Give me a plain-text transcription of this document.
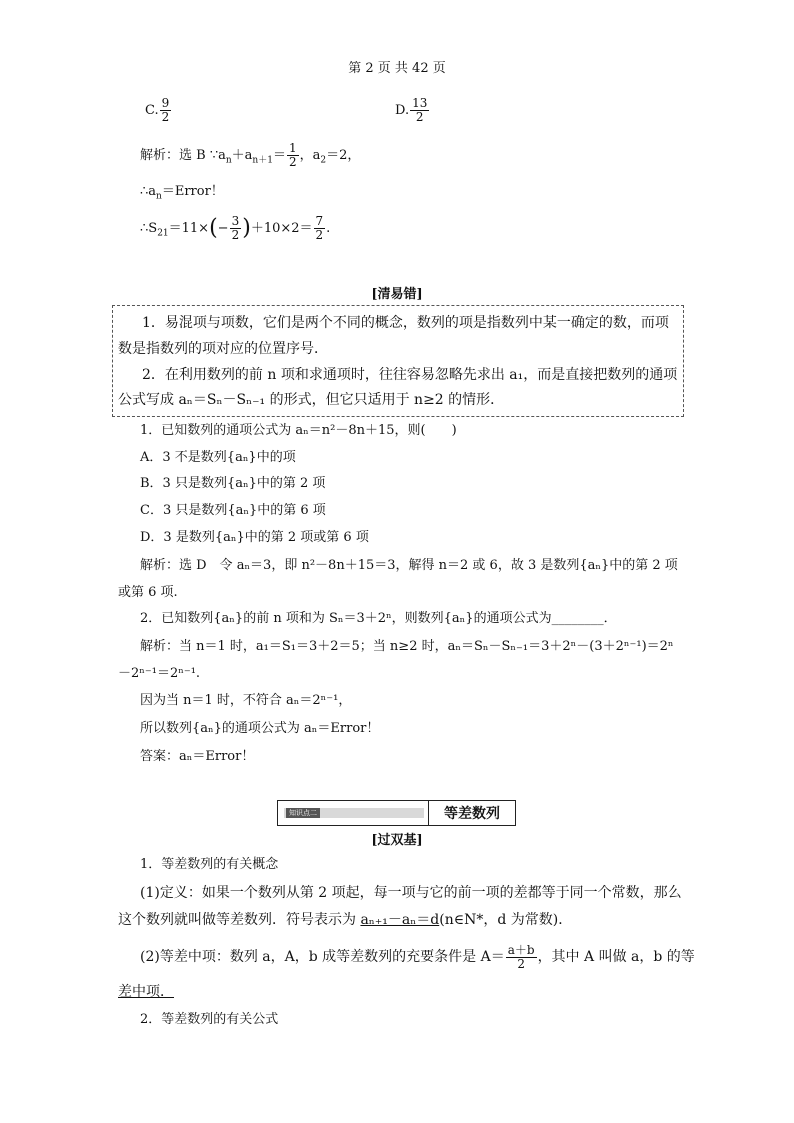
第 2 页 共 42 页
C. $\frac{9}{2}$	D. $\frac{13}{2}$
解析：选 B $\because a_n+a_{n+1}= \frac{1}{2}$ ，$a_2=2$，
$\therefore a_n=Error$！
$\therefore S_{21}=11\times(- \frac{3}{2} )+10\times 2= \frac{7}{2}$ .
[清易错]
1．易混项与项数，它们是两个不同的概念，数列的项是指数列中某一确定的数，而项
数是指数列的项对应的位置序号．
2．在利用数列的前 n 项和求通项时，往往容易忽略先求出 a₁，而是直接把数列的通项
公式写成 aₙ＝Sₙ－Sₙ₋₁ 的形式，但它只适用于 n≥2 的情形．
1．已知数列的通项公式为 aₙ＝n²－8n＋15，则(　　)
A．3 不是数列{aₙ}中的项
B．3 只是数列{aₙ}中的第 2 项
C．3 只是数列{aₙ}中的第 6 项
D．3 是数列{aₙ}中的第 2 项或第 6 项
解析：选 D　令 aₙ＝3，即 n²－8n＋15＝3，解得 n＝2 或 6，故 3 是数列{aₙ}中的第 2 项
或第 6 项.
2．已知数列{aₙ}的前 n 项和为 Sₙ＝3＋2ⁿ，则数列{aₙ}的通项公式为________．
解析：当 n＝1 时，a₁＝S₁＝3＋2＝5；当 n≥2 时，aₙ＝Sₙ－Sₙ₋₁＝3＋2ⁿ－(3＋2ⁿ⁻¹)＝2ⁿ
－2ⁿ⁻¹＝2ⁿ⁻¹.
因为当 n＝1 时，不符合 aₙ＝2ⁿ⁻¹，
所以数列{aₙ}的通项公式为 aₙ＝Error！
答案：aₙ＝Error！
知识点二	等差数列
[过双基]
1．等差数列的有关概念
(1)定义：如果一个数列从第 2 项起，每一项与它的前一项的差都等于同一个常数，那么
这个数列就叫做等差数列．符号表示为 aₙ₊₁－aₙ＝d(n∈N*，d 为常数)．
(2)等差中项：数列 a，A，b 成等差数列的充要条件是 $A= \frac{a+b}{2}$ ，其中 A 叫做 a，b 的等
差中项．
2．等差数列的有关公式
